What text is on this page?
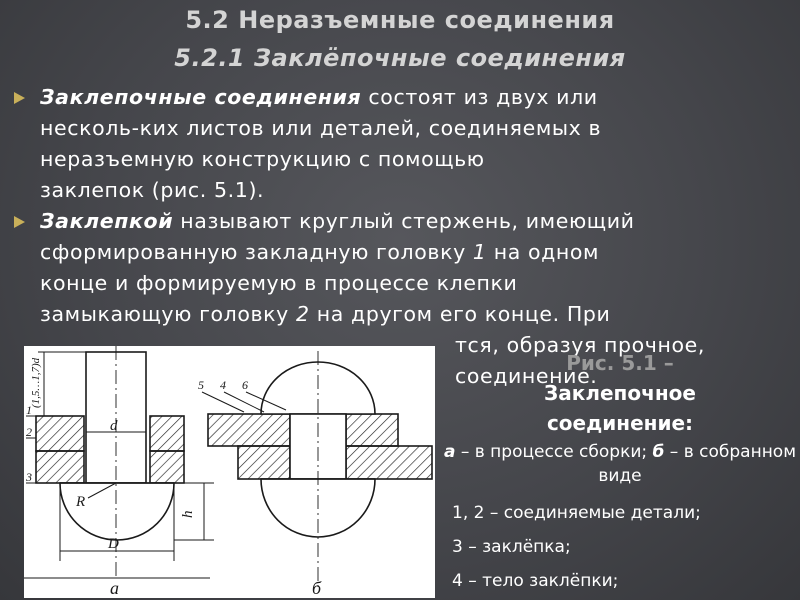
5.2 Неразъемные соединения
5.2.1 Заклёпочные соединения
Заклепочные соединения состоят из двух или
несколь-ких листов или деталей, соединяемых в
неразъемную конструкцию с помощью
заклепок (рис. 5.1).
Заклепкой называют круглый стержень, имеющий
сформированную закладную головку 1 на одном
конце и формируемую в процессе клепки
замыкающую головку 2 на другом его конце. При
тся, образуя прочное,
соединение.
Рис. 5.1 –
Заклепочное
соединение:
а – в процессе сборки; б – в собранном виде
1, 2 – соединяемые детали;
3 – заклёпка;
4 – тело заклёпки;
1
2
3
d
D
R
h
(1,5…1,7)d
а	б
5 4 6
